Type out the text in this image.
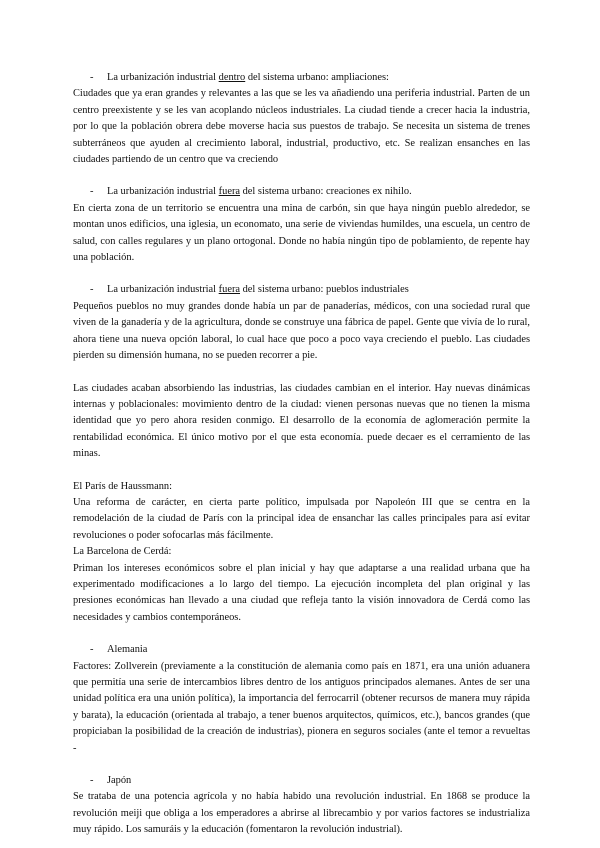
- La urbanización industrial dentro del sistema urbano: ampliaciones:

Ciudades que ya eran grandes y relevantes a las que se les va añadiendo una periferia industrial. Parten de un centro preexistente y se les van acoplando núcleos industriales. La ciudad tiende a crecer hacia la industria, por lo que la población obrera debe moverse hacia sus puestos de trabajo. Se necesita un sistema de trenes subterráneos que ayuden al crecimiento laboral, industrial, productivo, etc. Se realizan ensanches en las ciudades partiendo de un centro que va creciendo

- La urbanización industrial fuera del sistema urbano: creaciones ex nihilo.

En cierta zona de un territorio se encuentra una mina de carbón, sin que haya ningún pueblo alrededor, se montan unos edificios, una iglesia, un economato, una serie de viviendas humildes, una escuela, un centro de salud, con calles regulares y un plano ortogonal. Donde no había ningún tipo de poblamiento, de repente hay una población.

- La urbanización industrial fuera del sistema urbano: pueblos industriales

Pequeños pueblos no muy grandes donde había un par de panaderías, médicos, con una sociedad rural que viven de la ganadería y de la agricultura, donde se construye una fábrica de papel. Gente que vivía de lo rural, ahora tiene una nueva opción laboral, lo cual hace que poco a poco vaya creciendo el pueblo. Las ciudades pierden su dimensión humana, no se pueden recorrer a pie.

Las ciudades acaban absorbiendo las industrias, las ciudades cambian en el interior. Hay nuevas dinámicas internas y poblacionales: movimiento dentro de la ciudad: vienen personas nuevas que no tienen la misma identidad que yo pero ahora residen conmigo. El desarrollo de la economía de aglomeración permite la rentabilidad económica. El único motivo por el que esta economía. puede decaer es el cerramiento de las minas.

El París de Haussmann:

Una reforma de carácter, en cierta parte político, impulsada por Napoleón III que se centra en la remodelación de la ciudad de París con la principal idea de ensanchar las calles principales para así evitar revoluciones o poder sofocarlas más fácilmente.

La Barcelona de Cerdá:

Priman los intereses económicos sobre el plan inicial y hay que adaptarse a una realidad urbana que ha experimentado modificaciones a lo largo del tiempo. La ejecución incompleta del plan original y las presiones económicas han llevado a una ciudad que refleja tanto la visión innovadora de Cerdá como las necesidades y cambios contemporáneos.

- Alemania

Factores: Zollverein (previamente a la constitución de alemania como país en 1871, era una unión aduanera que permitía una serie de intercambios libres dentro de los antiguos principados alemanes. Antes de ser una unidad política era una unión política), la importancia del ferrocarril (obtener recursos de manera muy rápida y barata), la educación (orientada al trabajo, a tener buenos arquitectos, químicos, etc.), bancos grandes (que propiciaban la posibilidad de la creación de industrias), pionera en seguros sociales (ante el temor a revueltas -

- Japón

Se trataba de una potencia agrícola y no había habido una revolución industrial. En 1868 se produce la revolución meiji que obliga a los emperadores a abrirse al librecambio y por varios factores se industrializa muy rápido. Los samuráis y la educación (fomentaron la revolución industrial).
